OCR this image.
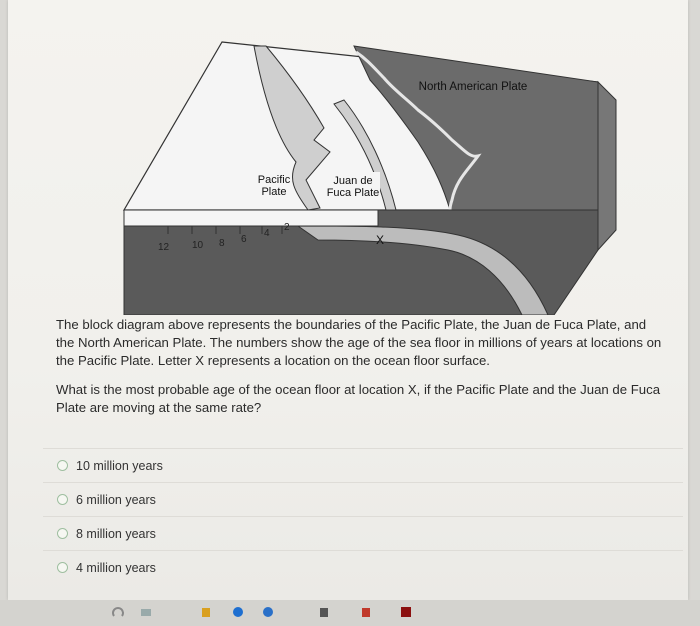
12 10 8 6
4
2
Pacific
Plate
Juan de
Fuca Plate
North American Plate
X

The block diagram above represents the boundaries of the Pacific Plate, the Juan de Fuca Plate, and the North American Plate. The numbers show the age of the sea floor in millions of years at locations on the Pacific Plate. Letter X represents a location on the ocean floor surface.

What is the most probable age of the ocean floor at location X, if the Pacific Plate and the Juan de Fuca Plate are moving at the same rate?

10 million years
6 million years
8 million years
4 million years
